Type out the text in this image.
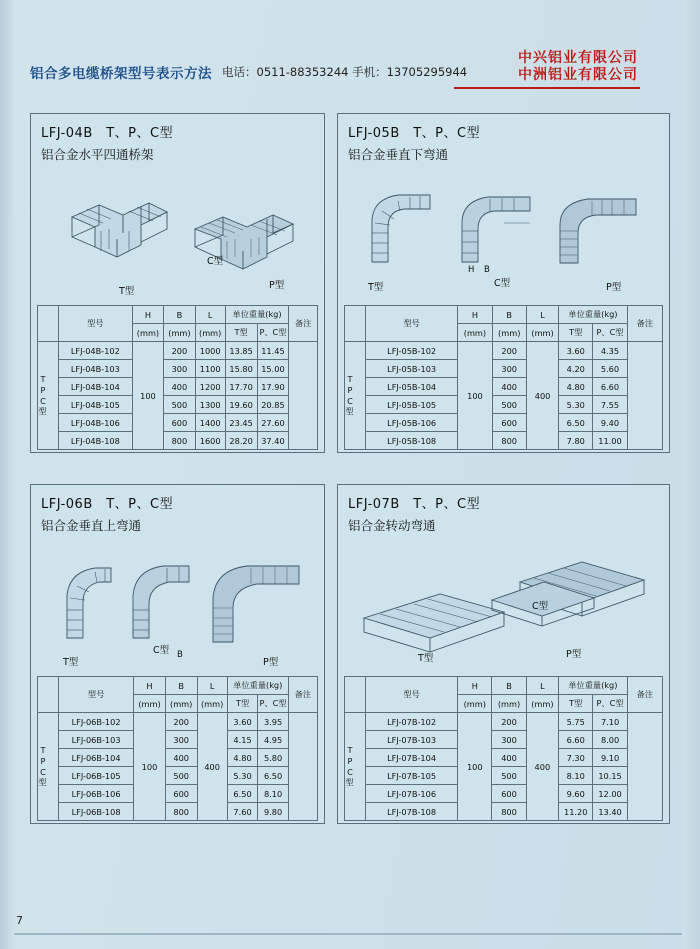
铝合多电缆桥架型号表示方法 电话：0511-88353244 手机：13705295944
中兴铝业有限公司
中洲铝业有限公司
LFJ-04B　T、P、C型
铝合金水平四通桥架
T型
C型
P型
	型号	H	B	L	单位重量(kg)		备注
		(mm)	(mm)	(mm)	T型	P、C型	

TPC型	LFJ-04B-102	100	200	1000	13.85	11.45	
	LFJ-04B-103		300	1100	15.80	15.00	
	LFJ-04B-104		400	1200	17.70	17.90	
	LFJ-04B-105		500	1300	19.60	20.85	
	LFJ-04B-106		600	1400	23.45	27.60	
	LFJ-04B-108		800	1600	28.20	37.40	
LFJ-05B　T、P、C型
铝合金垂直下弯通
T型	C型	P型
H B
	型号	H	B	L	单位重量(kg)		备注
		(mm)	(mm)	(mm)	T型	P、C型	

TPC型	LFJ-05B-102	100	200	400	3.60	4.35	
	LFJ-05B-103		300		4.20	5.60	
	LFJ-05B-104		400		4.80	6.60	
	LFJ-05B-105		500		5.30	7.55	
	LFJ-05B-106		600		6.50	9.40	
	LFJ-05B-108		800		7.80	11.00	
LFJ-06B　T、P、C型
铝合金垂直上弯通
T型
C型
P型
B
	型号	H	B	L	单位重量(kg)		备注
		(mm)	(mm)	(mm)	T型	P、C型	

TPC型	LFJ-06B-102	100	200	400	3.60	3.95	
	LFJ-06B-103		300		4.15	4.95	
	LFJ-06B-104		400		4.80	5.80	
	LFJ-06B-105		500		5.30	6.50	
	LFJ-06B-106		600		6.50	8.10	
	LFJ-06B-108		800		7.60	9.80	
LFJ-07B　T、P、C型
铝合金转动弯通
T型
C型
P型
	型号	H	B	L	单位重量(kg)		备注
		(mm)	(mm)	(mm)	T型	P、C型	

TPC型	LFJ-07B-102	100	200	400	5.75	7.10	
	LFJ-07B-103		300		6.60	8.00	
	LFJ-07B-104		400		7.30	9.10	
	LFJ-07B-105		500		8.10	10.15	
	LFJ-07B-106		600		9.60	12.00	
	LFJ-07B-108		800		11.20	13.40	
7
